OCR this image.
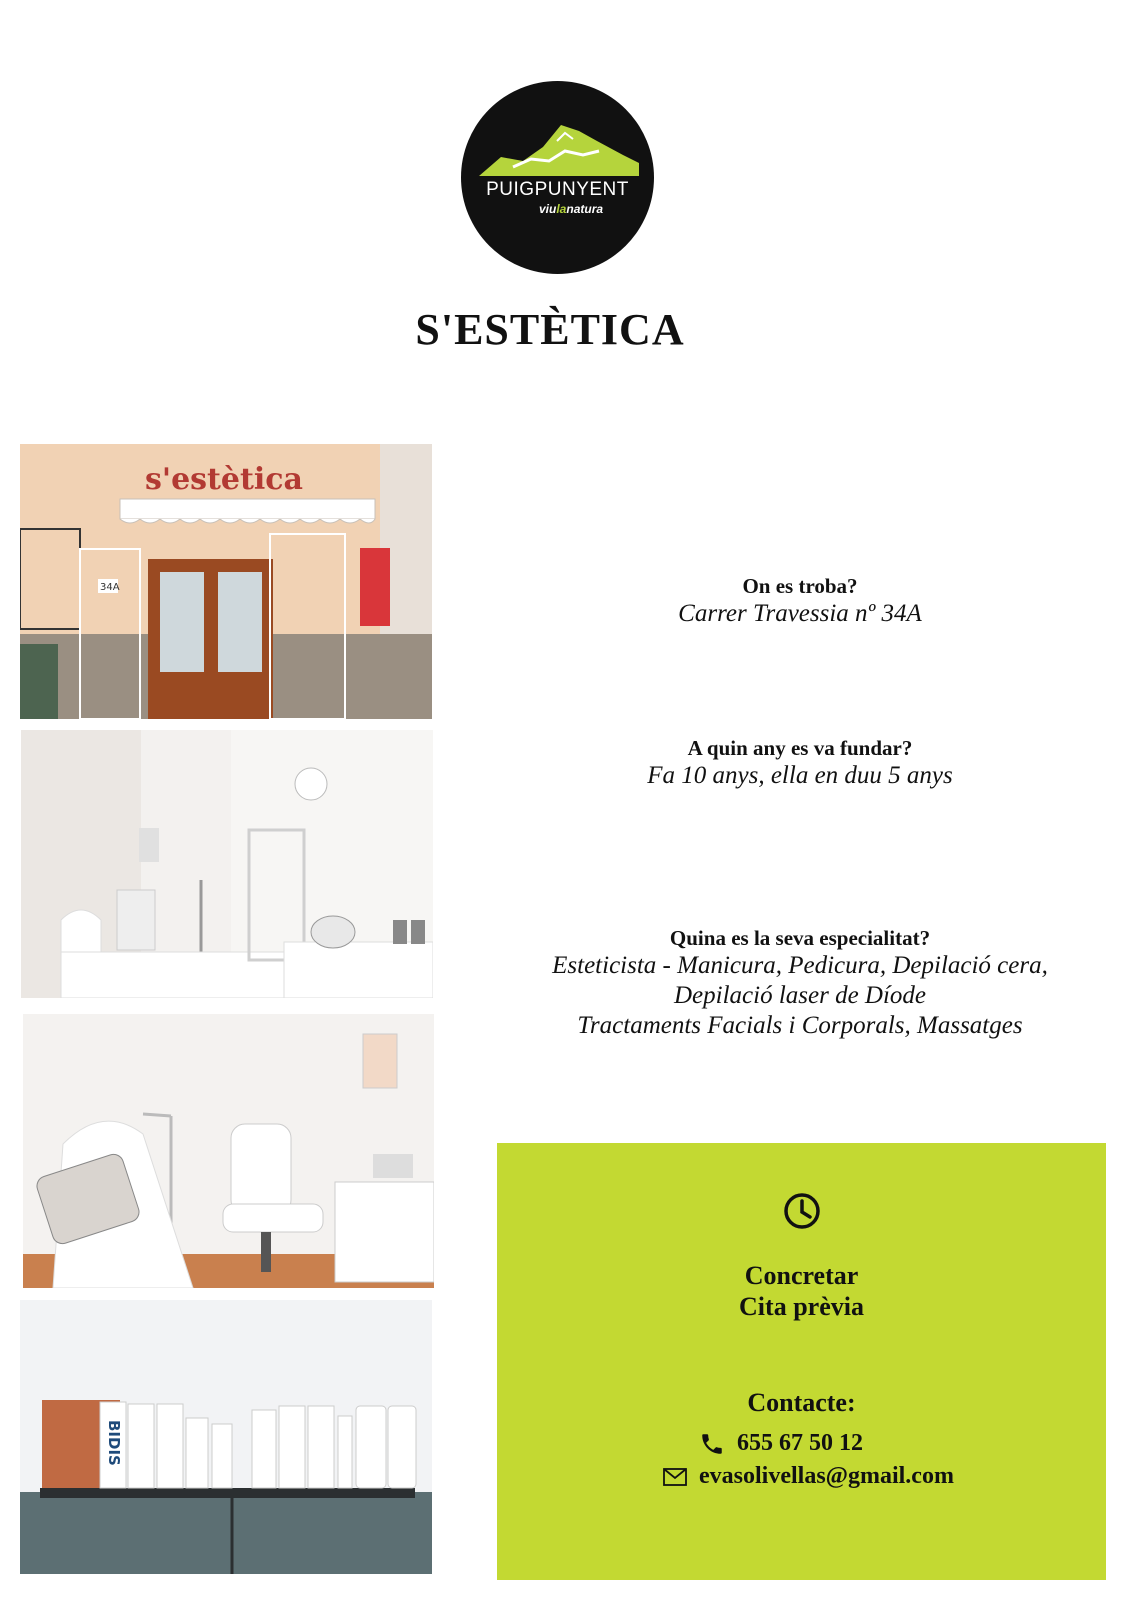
PUIGPUNYENT
viulanatura
S'ESTÈTICA
s'estètica
34A
BIDIS
On es troba?
Carrer Travessia nº 34A
A quin any es va fundar?
Fa 10 anys, ella en duu 5 anys
Quina es la seva especialitat?
Esteticista - Manicura, Pedicura, Depilació cera,
Depilació laser de Díode
Tractaments Facials i Corporals, Massatges
Concretar
Cita prèvia
Contacte:
655 67 50 12
evasolivellas@gmail.com
